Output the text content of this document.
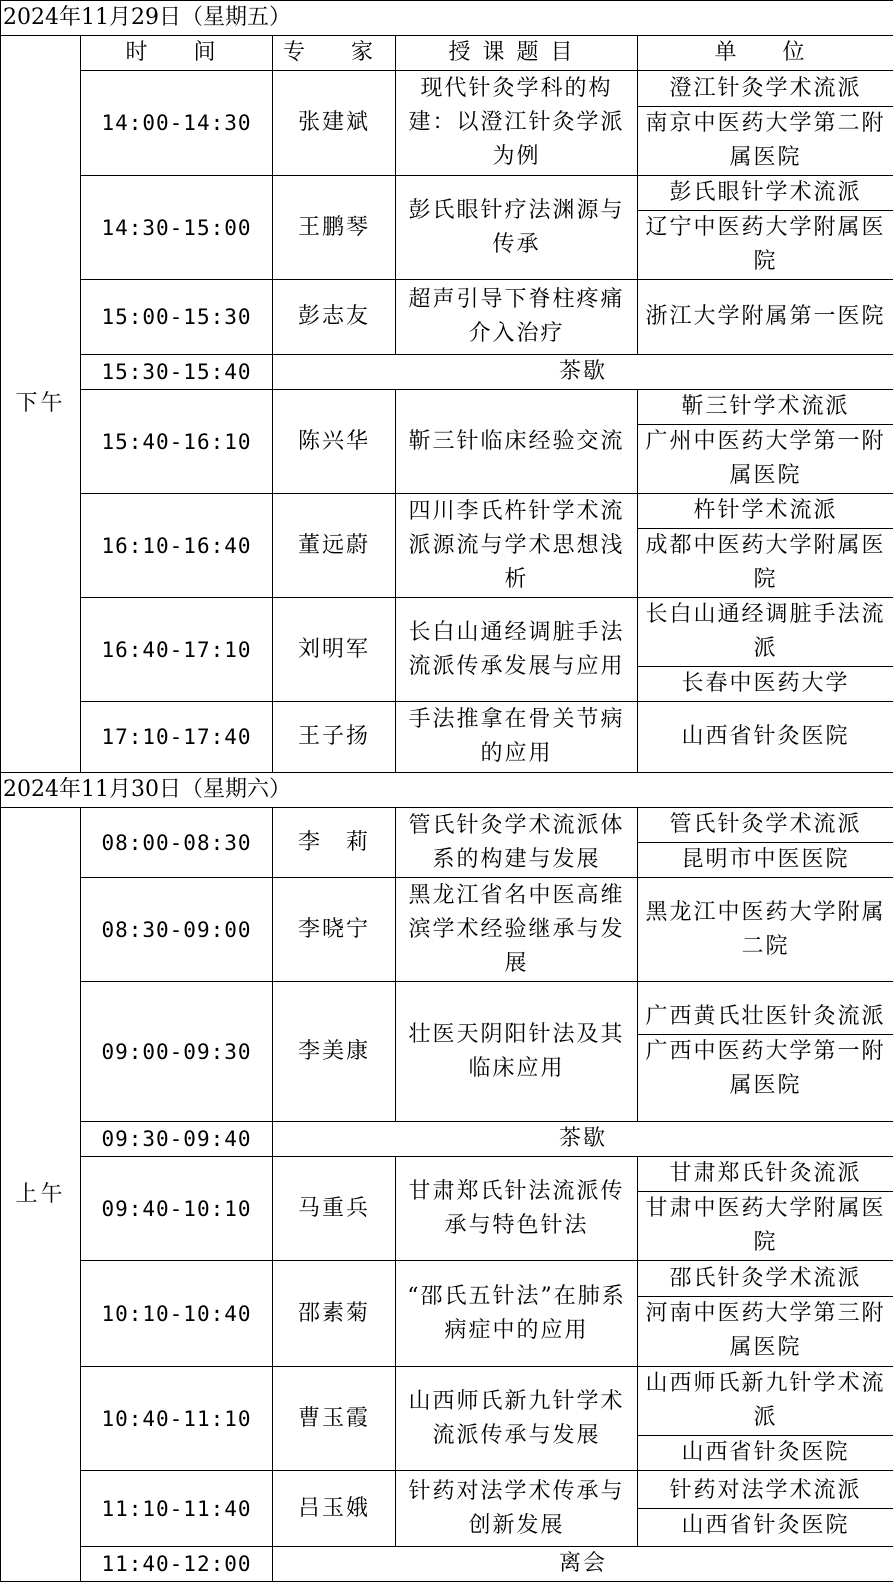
2024年11月29日（星期五）				
下午	时　间	专　家	授课题目	单　位
	14:00-14:30	张建斌	现代针灸学科的构建：以澄江针灸学派为例	澄江针灸学术流派
南京中医药大学第二附属医院

	14:30-15:00	王鹏琴	彭氏眼针疗法渊源与传承	彭氏眼针学术流派
辽宁中医药大学附属医院

	15:00-15:30	彭志友	超声引导下脊柱疼痛介入治疗	浙江大学附属第一医院

	15:30-15:40	茶歇		
	15:40-16:10	陈兴华	靳三针临床经验交流	靳三针学术流派
广州中医药大学第一附属医院

	16:10-16:40	董远蔚	四川李氏杵针学术流派源流与学术思想浅析	杵针学术流派
成都中医药大学附属医院

	16:40-17:10	刘明军	长白山通经调脏手法流派传承发展与应用	长白山通经调脏手法流派
长春中医药大学

	17:10-17:40	王子扬	手法推拿在骨关节病的应用	山西省针灸医院

2024年11月30日（星期六）				
上午	08:00-08:30	李　莉	管氏针灸学术流派体系的构建与发展	管氏针灸学术流派
昆明市中医医院

	08:30-09:00	李晓宁	黑龙江省名中医高维滨学术经验继承与发展	黑龙江中医药大学附属二院

	09:00-09:30	李美康	壮医天阴阳针法及其临床应用	广西黄氏壮医针灸流派
广西中医药大学第一附属医院

	09:30-09:40	茶歇		
	09:40-10:10	马重兵	甘肃郑氏针法流派传承与特色针法	甘肃郑氏针灸流派
甘肃中医药大学附属医院

	10:10-10:40	邵素菊	“邵氏五针法”在肺系病症中的应用	邵氏针灸学术流派
河南中医药大学第三附属医院

	10:40-11:10	曹玉霞	山西师氏新九针学术流派传承与发展	山西师氏新九针学术流派
山西省针灸医院

	11:10-11:40	吕玉娥	针药对法学术传承与创新发展	针药对法学术流派
山西省针灸医院

	11:40-12:00	离会		
